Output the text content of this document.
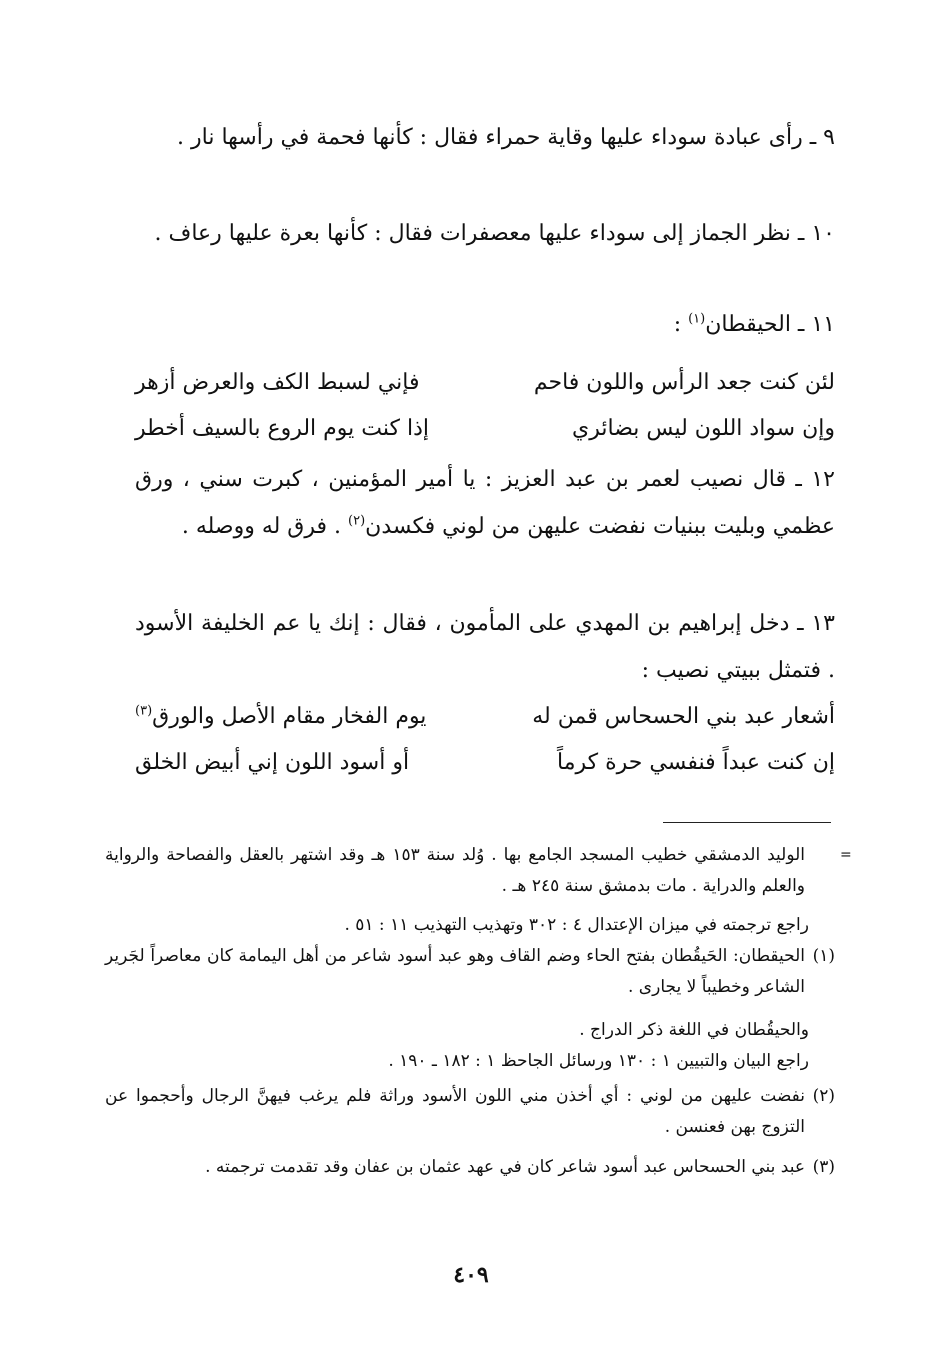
٩ ـ رأى عبادة سوداء عليها وقاية حمراء فقال : كأنها فحمة في رأسها نار .
١٠ ـ نظر الجماز إلى سوداء عليها معصفرات فقال : كأنها بعرة عليها رعاف .
١١ ـ الحيقطان$^{(١)}$ :
لئن كنت جعد الرأس واللون فاحم
فإني لسبط الكف والعرض أزهر
وإن سواد اللون ليس بضائري
إذا كنت يوم الروع بالسيف أخطر
١٢ ـ قال نصيب لعمر بن عبد العزيز : يا أمير المؤمنين ، كبرت سني ، ورق عظمي وبليت ببنيات نفضت عليهن من لوني فكسدن$^{(٢)}$ . فرق له ووصله .
١٣ ـ دخل إبراهيم بن المهدي على المأمون ، فقال : إنك يا عم الخليفة الأسود . فتمثل ببيتي نصيب :
أشعار عبد بني الحسحاس قمن له
يوم الفخار مقام الأصل والورق$^{(٣)}$
إن كنت عبداً فنفسي حرة كرماً
أو أسود اللون إني أبيض الخلق
=
الوليد الدمشقي خطيب المسجد الجامع بها . وُلد سنة ١٥٣ هـ وقد اشتهر بالعقل والفصاحة والرواية والعلم والدراية . مات بدمشق سنة ٢٤٥ هـ .
راجع ترجمته في ميزان الإعتدال ٤ : ٣٠٢ وتهذيب التهذيب ١١ : ٥١ .
(١)
الحيقطان: الحَيقُطان بفتح الحاء وضم القاف وهو عبد أسود شاعر من أهل اليمامة كان معاصراً لجَرير الشاعر وخطيباً لا يجارى .
والحيقُطان في اللغة ذكر الدراج .
راجع البيان والتبيين ١ : ١٣٠ ورسائل الجاحظ ١ : ١٨٢ ـ ١٩٠ .
(٢)
نفضت عليهن من لوني : أي أخذن مني اللون الأسود وراثة فلم يرغب فيهنَّ الرجال وأحجموا عن التزوج بهن فعنسن .
(٣)
عبد بني الحسحاس عبد أسود شاعر كان في عهد عثمان بن عفان وقد تقدمت ترجمته .
٤٠٩
